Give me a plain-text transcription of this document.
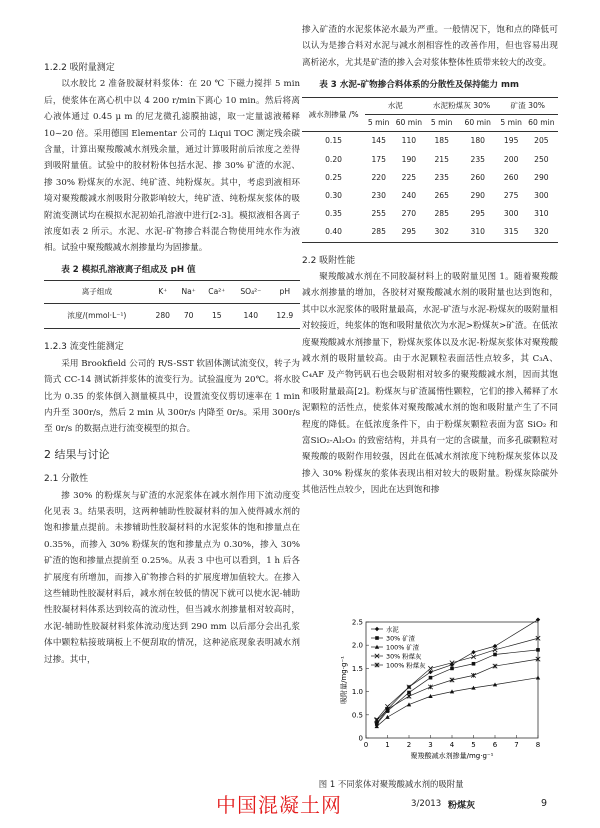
1.2.2 吸附量测定

以水胶比 2 准备胶凝材料浆体：在 20 ℃ 下磁力搅拌 5 min后，使浆体在离心机中以 4 200 r/min下离心 10 min。然后将离心液体通过 0.45 μ m 的尼龙微孔滤膜抽滤，取一定量滤液稀释 10~20 倍。采用德国 Elementar 公司的 Liqui TOC 测定残余碳含量，计算出聚羧酸减水剂残余量，通过计算吸附前后浓度之差得到吸附量值。试验中的胶材粉体包括水泥、掺 30% 矿渣的水泥、掺 30% 粉煤灰的水泥、纯矿渣、纯粉煤灰。其中，考虑到液相环境对聚羧酸减水剂吸附分散影响较大，纯矿渣、纯粉煤灰浆体的吸附流变测试均在模拟水泥初始孔溶液中进行[2-3]。模拟液相各离子浓度如表 2 所示。水泥、水泥-矿物掺合料混合物使用纯水作为液相。试验中聚羧酸减水剂掺量均为固掺量。

表 2 模拟孔溶液离子组成及 pH 值

离子组成	K⁺	Na⁺	Ca²⁺	SO₄²⁻	pH
浓度/(mmol·L⁻¹)	280	70	15	140	12.9

1.2.3 流变性能测定

采用 Brookfield 公司的 R/S-SST 软固体测试流变仪，转子为筒式 CC-14 测试新拌浆体的流变行为。试验温度为 20℃。将水胶比为 0.35 的浆体倒入测量模具中，设置流变仪剪切速率在 1 min 内升至 300r/s，然后 2 min 从 300r/s 内降至 0r/s。采用 300r/s 至 0r/s 的数据点进行流变模型的拟合。

2 结果与讨论

2.1 分散性

掺 30% 的粉煤灰与矿渣的水泥浆体在减水剂作用下流动度变化见表 3。结果表明，这两种辅助性胶凝材料的加入使得减水剂的饱和掺量点提前。未掺辅助性胶凝材料的水泥浆体的饱和掺量点在 0.35%，而掺入 30% 粉煤灰的饱和掺量点为 0.30%，掺入 30% 矿渣的饱和掺量点提前至 0.25%。从表 3 中也可以看到，1 h 后各扩展度有所增加，而掺入矿物掺合料的扩展度增加值较大。在掺入这些辅助性胶凝材料后，减水剂在较低的情况下就可以使水泥-辅助性胶凝材料体系达到较高的流动性，但当减水剂掺量相对较高时，水泥-辅助性胶凝材料浆体流动度达到 290 mm 以后部分会出孔浆体中颗粒粘接玻璃板上不便刮取的情况，这种泌底现象表明减水剂过掺。其中，

掺入矿渣的水泥浆体泌水最为严重。一般情况下，饱和点的降低可以认为是掺合料对水泥与减水剂相容性的改善作用，但也容易出现离析泌水，尤其是矿渣的掺入会对浆体整体性质带来较大的改变。

表 3 水泥-矿物掺合料体系的分散性及保持能力 mm

减水剂掺量 /%	水泥		水泥粉煤灰 30%		矿渣 30%	
	5 min	60 min	5 min	60 min	5 min	60 min
0.15	145	110	185	180	195	205
0.20	175	190	215	235	200	250
0.25	220	225	235	260	260	290
0.30	230	240	265	290	275	300
0.35	255	270	285	295	300	310
0.40	285	295	302	310	315	320

2.2 吸附性能

聚羧酸减水剂在不同胶凝材料上的吸附量见图 1。随着聚羧酸减水剂掺量的增加，各胶材对聚羧酸减水剂的吸附量也达到饱和，其中以水泥浆体的吸附量最高，水泥-矿渣与水泥-粉煤灰的吸附量相对较接近，纯浆体的饱和吸附量依次为水泥>粉煤灰>矿渣。在低浓度聚羧酸减水剂掺量下，粉煤灰浆体以及水泥-粉煤灰浆体对聚羧酸减水剂的吸附量较高。由于水泥颗粒表面活性点较多，其 C₃A、C₄AF 及产物钙矾石也会吸附相对较多的聚羧酸减水剂，因而其饱和吸附量最高[2]。粉煤灰与矿渣属惰性颗粒，它们的掺入稀释了水泥颗粒的活性点，使浆体对聚羧酸减水剂的饱和吸附量产生了不同程度的降低。在低浓度条件下，由于粉煤灰颗粒表面为富 SiO₂ 和富SiO₂-Al₂O₃ 的致密结构，并具有一定的含碳量，而多孔碳颗粒对聚羧酸的吸附作用较强，因此在低减水剂浓度下纯粉煤灰浆体以及掺入 30% 粉煤灰的浆体表现出相对较大的吸附量。粉煤灰除碳外其他活性点较少，因此在达到饱和掺

0 1 2 3 4 5 6 7 8
0
0.5
1.0
1.5
2.0
2.5
聚羧酸减水剂掺量/mg·g⁻¹
吸附量/mg·g⁻¹
水泥
30% 矿渣
100% 矿渣
30% 粉煤灰
100% 粉煤灰

图 1 不同浆体对聚羧酸减水剂的吸附量

中国混凝土网	3/2013 粉煤灰	9
